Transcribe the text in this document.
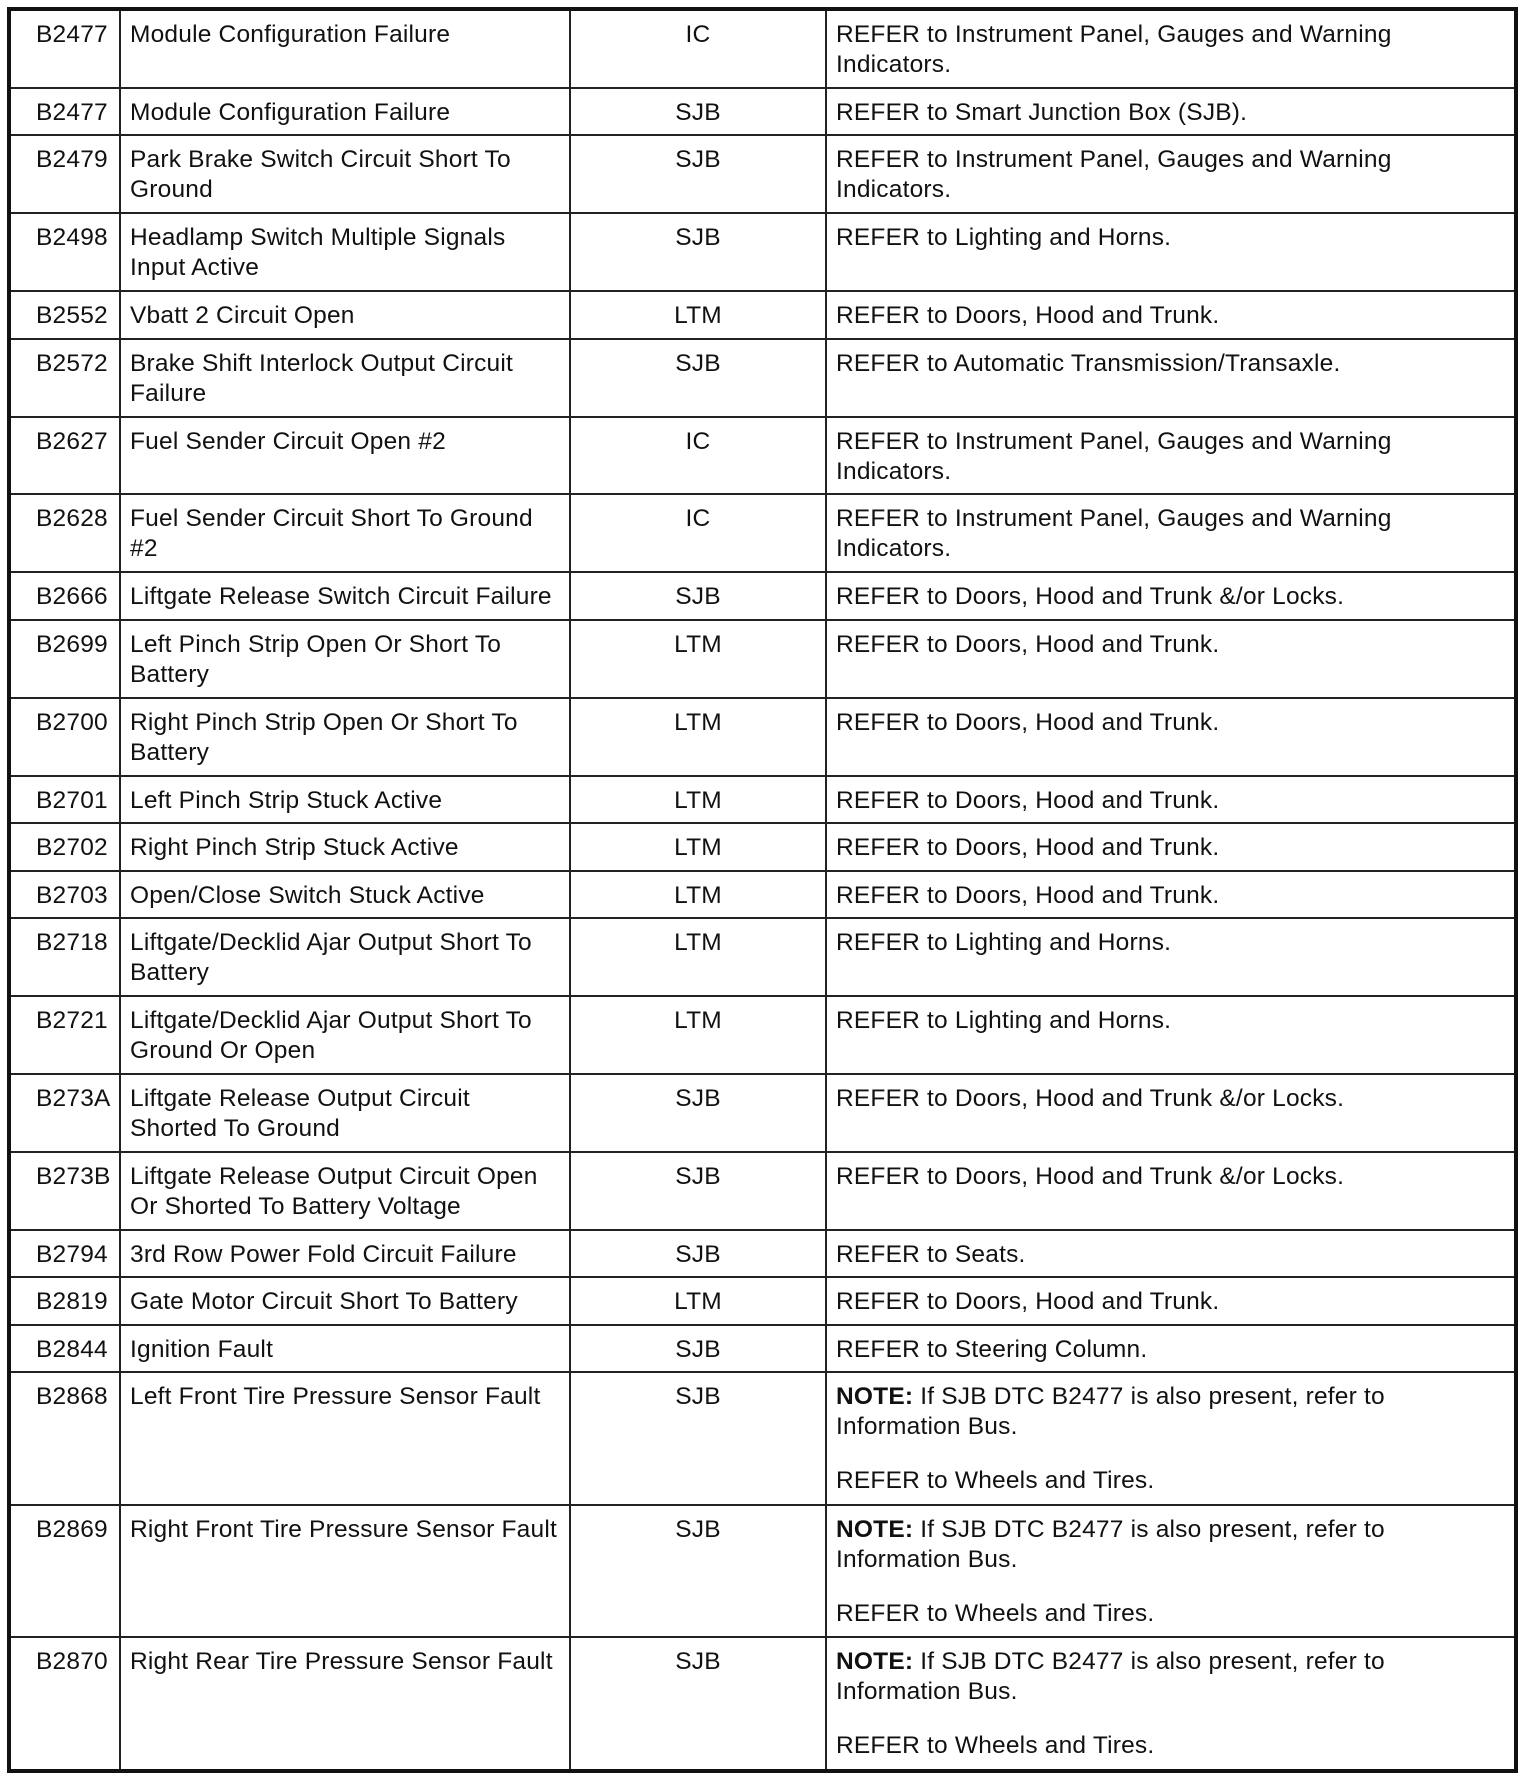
B2477	Module Configuration Failure	IC	REFER to Instrument Panel, Gauges and Warning Indicators.
B2477	Module Configuration Failure	SJB	REFER to Smart Junction Box (SJB).
B2479	Park Brake Switch Circuit Short To Ground	SJB	REFER to Instrument Panel, Gauges and Warning Indicators.
B2498	Headlamp Switch Multiple Signals Input Active	SJB	REFER to Lighting and Horns.
B2552	Vbatt 2 Circuit Open	LTM	REFER to Doors, Hood and Trunk.
B2572	Brake Shift Interlock Output Circuit Failure	SJB	REFER to Automatic Transmission/Transaxle.
B2627	Fuel Sender Circuit Open #2	IC	REFER to Instrument Panel, Gauges and Warning Indicators.
B2628	Fuel Sender Circuit Short To Ground #2	IC	REFER to Instrument Panel, Gauges and Warning Indicators.
B2666	Liftgate Release Switch Circuit Failure	SJB	REFER to Doors, Hood and Trunk &/or Locks.
B2699	Left Pinch Strip Open Or Short To Battery	LTM	REFER to Doors, Hood and Trunk.
B2700	Right Pinch Strip Open Or Short To Battery	LTM	REFER to Doors, Hood and Trunk.
B2701	Left Pinch Strip Stuck Active	LTM	REFER to Doors, Hood and Trunk.
B2702	Right Pinch Strip Stuck Active	LTM	REFER to Doors, Hood and Trunk.
B2703	Open/Close Switch Stuck Active	LTM	REFER to Doors, Hood and Trunk.
B2718	Liftgate/Decklid Ajar Output Short To Battery	LTM	REFER to Lighting and Horns.
B2721	Liftgate/Decklid Ajar Output Short To Ground Or Open	LTM	REFER to Lighting and Horns.
B273A	Liftgate Release Output Circuit Shorted To Ground	SJB	REFER to Doors, Hood and Trunk &/or Locks.
B273B	Liftgate Release Output Circuit Open Or Shorted To Battery Voltage	SJB	REFER to Doors, Hood and Trunk &/or Locks.
B2794	3rd Row Power Fold Circuit Failure	SJB	REFER to Seats.
B2819	Gate Motor Circuit Short To Battery	LTM	REFER to Doors, Hood and Trunk.
B2844	Ignition Fault	SJB	REFER to Steering Column.
B2868	Left Front Tire Pressure Sensor Fault	SJB	NOTE: If SJB DTC B2477 is also present, refer to Information Bus.
REFER to Wheels and Tires.

B2869	Right Front Tire Pressure Sensor Fault	SJB	NOTE: If SJB DTC B2477 is also present, refer to Information Bus.
REFER to Wheels and Tires.

B2870	Right Rear Tire Pressure Sensor Fault	SJB	NOTE: If SJB DTC B2477 is also present, refer to Information Bus.
REFER to Wheels and Tires.
